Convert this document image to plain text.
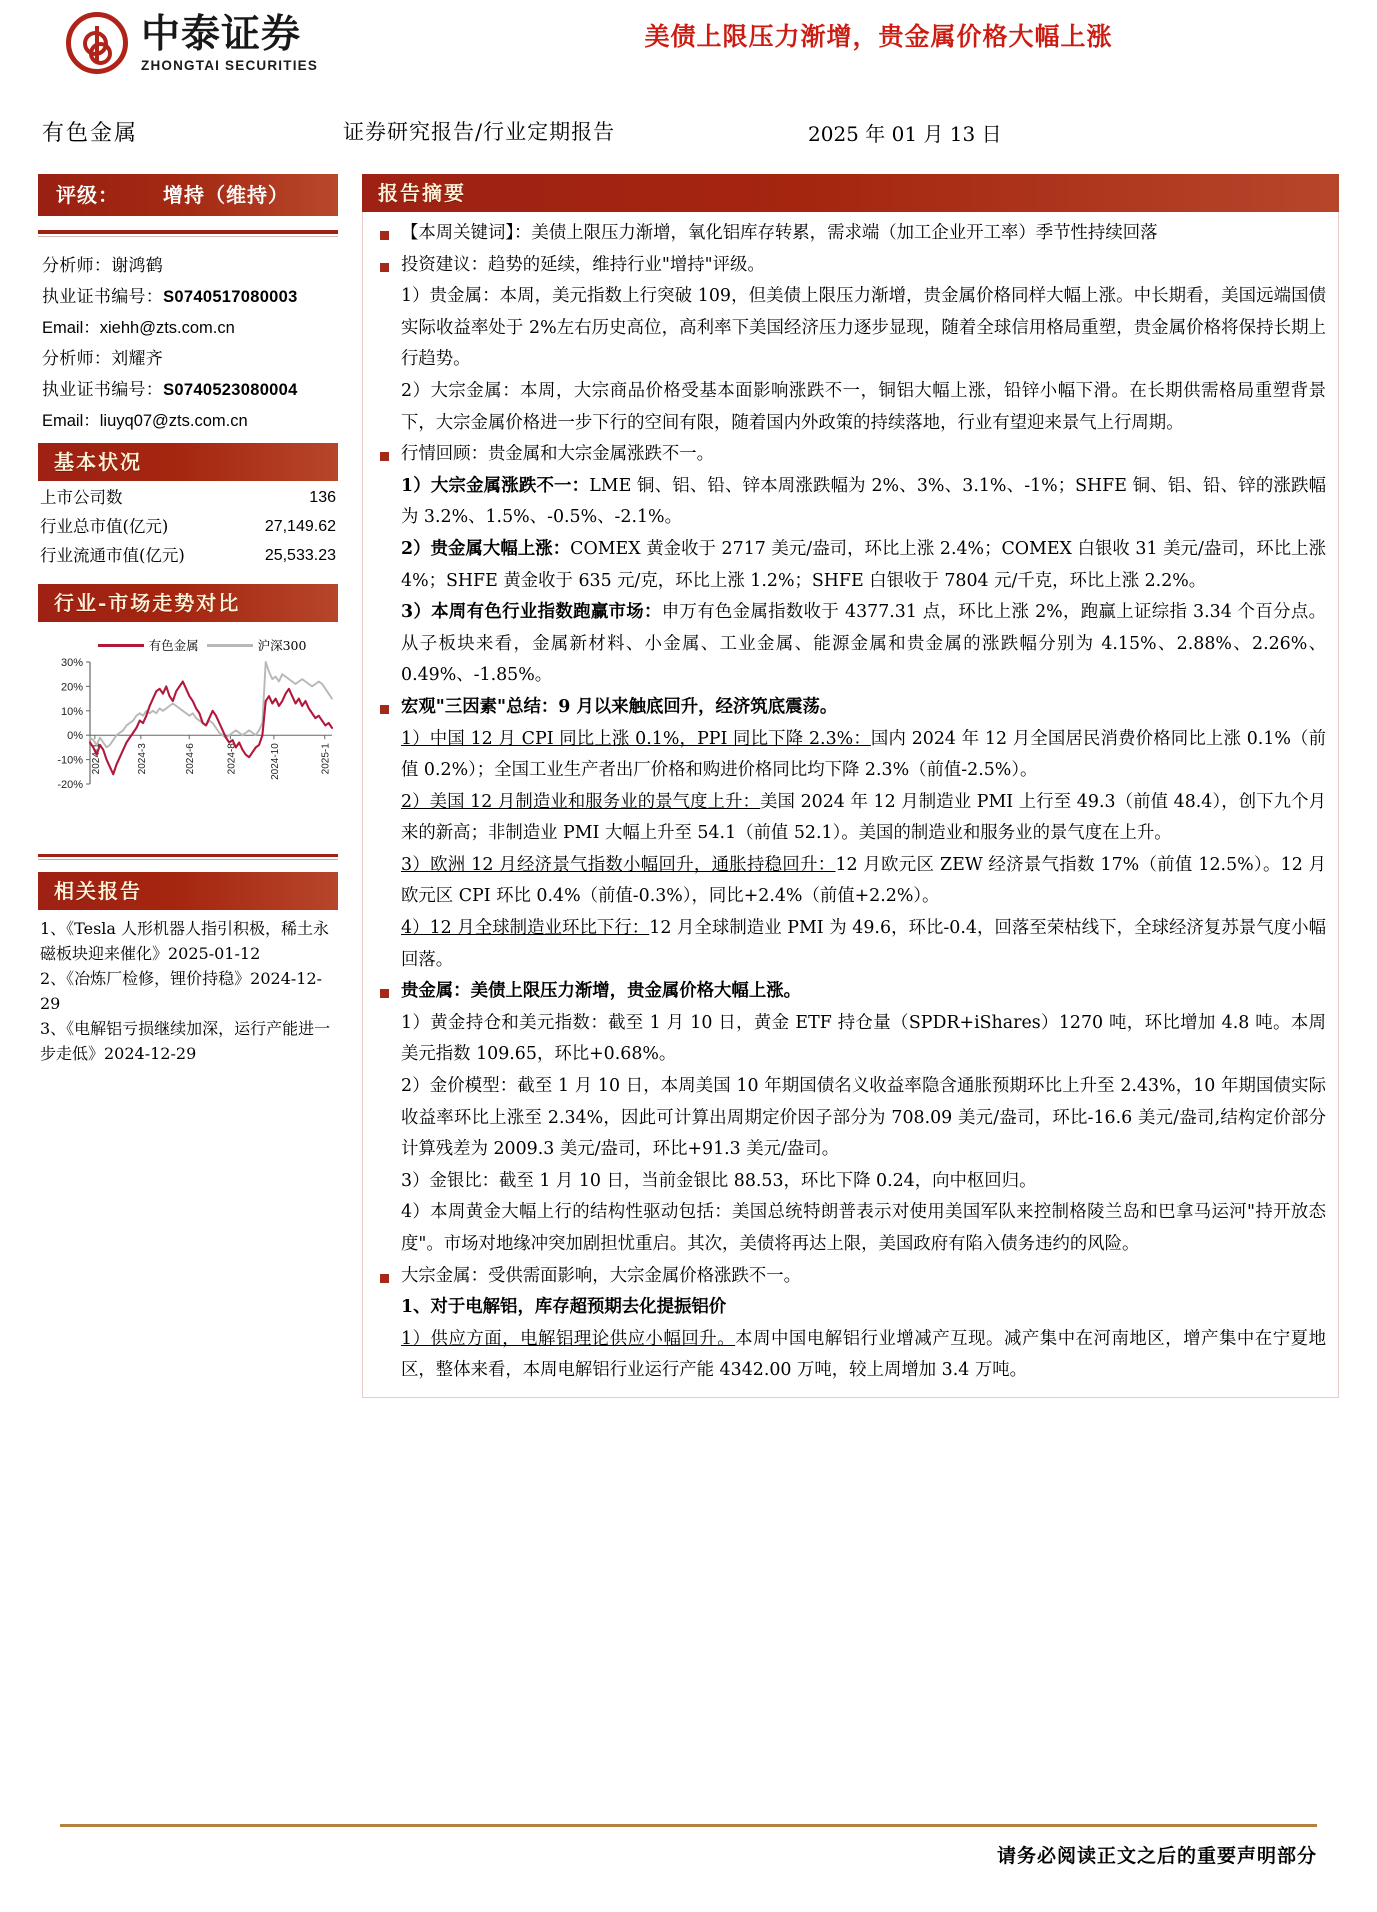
中泰证券
ZHONGTAI SECURITIES
美债上限压力渐增，贵金属价格大幅上涨
有色金属	证券研究报告/行业定期报告	2025 年 01 月 13 日
评级： 增持（维持）
分析师：谢鸿鹤
执业证书编号：S0740517080003
Email：xiehh@zts.com.cn
分析师：刘耀齐
执业证书编号：S0740523080004
Email：liuyq07@zts.com.cn
基本状况
上市公司数	136
行业总市值(亿元)	27,149.62
行业流通市值(亿元)	25,533.23
行业-市场走势对比
有色金属	沪深300
30%
20%
10%
0%
-10%
-20%
2024-1	2024-3	2024-6	2024-8	2024-10	2025-1
相关报告
1、《Tesla 人形机器人指引积极，稀土永磁板块迎来催化》2025-01-12
2、《冶炼厂检修，锂价持稳》2024-12-29
3、《电解铝亏损继续加深，运行产能进一步走低》2024-12-29
报告摘要

【本周关键词】：美债上限压力渐增，氧化铝库存转累，需求端（加工企业开工率）季节性持续回落

投资建议：趋势的延续，维持行业"增持"评级。

1）贵金属：本周，美元指数上行突破 109，但美债上限压力渐增，贵金属价格同样大幅上涨。中长期看，美国远端国债实际收益率处于 2%左右历史高位，高利率下美国经济压力逐步显现，随着全球信用格局重塑，贵金属价格将保持长期上行趋势。

2）大宗金属：本周，大宗商品价格受基本面影响涨跌不一，铜铝大幅上涨，铅锌小幅下滑。在长期供需格局重塑背景下，大宗金属价格进一步下行的空间有限，随着国内外政策的持续落地，行业有望迎来景气上行周期。

行情回顾：贵金属和大宗金属涨跌不一。

1）大宗金属涨跌不一：LME 铜、铝、铅、锌本周涨跌幅为 2%、3%、3.1%、-1%；SHFE 铜、铝、铅、锌的涨跌幅为 3.2%、1.5%、-0.5%、-2.1%。

2）贵金属大幅上涨：COMEX 黄金收于 2717 美元/盎司，环比上涨 2.4%；COMEX 白银收 31 美元/盎司，环比上涨 4%；SHFE 黄金收于 635 元/克，环比上涨 1.2%；SHFE 白银收于 7804 元/千克，环比上涨 2.2%。

3）本周有色行业指数跑赢市场：申万有色金属指数收于 4377.31 点，环比上涨 2%，跑赢上证综指 3.34 个百分点。从子板块来看，金属新材料、小金属、工业金属、能源金属和贵金属的涨跌幅分别为 4.15%、2.88%、2.26%、0.49%、-1.85%。

宏观"三因素"总结：9 月以来触底回升，经济筑底震荡。

1）中国 12 月 CPI 同比上涨 0.1%，PPI 同比下降 2.3%：国内 2024 年 12 月全国居民消费价格同比上涨 0.1%（前值 0.2%）；全国工业生产者出厂价格和购进价格同比均下降 2.3%（前值-2.5%）。

2）美国 12 月制造业和服务业的景气度上升：美国 2024 年 12 月制造业 PMI 上行至 49.3（前值 48.4），创下九个月来的新高；非制造业 PMI 大幅上升至 54.1（前值 52.1）。美国的制造业和服务业的景气度在上升。

3）欧洲 12 月经济景气指数小幅回升，通胀持稳回升：12 月欧元区 ZEW 经济景气指数 17%（前值 12.5%）。12 月欧元区 CPI 环比 0.4%（前值-0.3%），同比+2.4%（前值+2.2%）。

4）12 月全球制造业环比下行：12 月全球制造业 PMI 为 49.6，环比-0.4，回落至荣枯线下，全球经济复苏景气度小幅回落。

贵金属：美债上限压力渐增，贵金属价格大幅上涨。

1）黄金持仓和美元指数：截至 1 月 10 日，黄金 ETF 持仓量（SPDR+iShares）1270 吨，环比增加 4.8 吨。本周美元指数 109.65，环比+0.68%。

2）金价模型：截至 1 月 10 日，本周美国 10 年期国债名义收益率隐含通胀预期环比上升至 2.43%，10 年期国债实际收益率环比上涨至 2.34%，因此可计算出周期定价因子部分为 708.09 美元/盎司，环比-16.6 美元/盎司,结构定价部分计算残差为 2009.3 美元/盎司，环比+91.3 美元/盎司。

3）金银比：截至 1 月 10 日，当前金银比 88.53，环比下降 0.24，向中枢回归。

4）本周黄金大幅上行的结构性驱动包括：美国总统特朗普表示对使用美国军队来控制格陵兰岛和巴拿马运河"持开放态度"。市场对地缘冲突加剧担忧重启。其次，美债将再达上限，美国政府有陷入债务违约的风险。

大宗金属：受供需面影响，大宗金属价格涨跌不一。

1、对于电解铝，库存超预期去化提振铝价

1）供应方面，电解铝理论供应小幅回升。本周中国电解铝行业增减产互现。减产集中在河南地区，增产集中在宁夏地区，整体来看，本周电解铝行业运行产能 4342.00 万吨，较上周增加 3.4 万吨。

请务必阅读正文之后的重要声明部分
